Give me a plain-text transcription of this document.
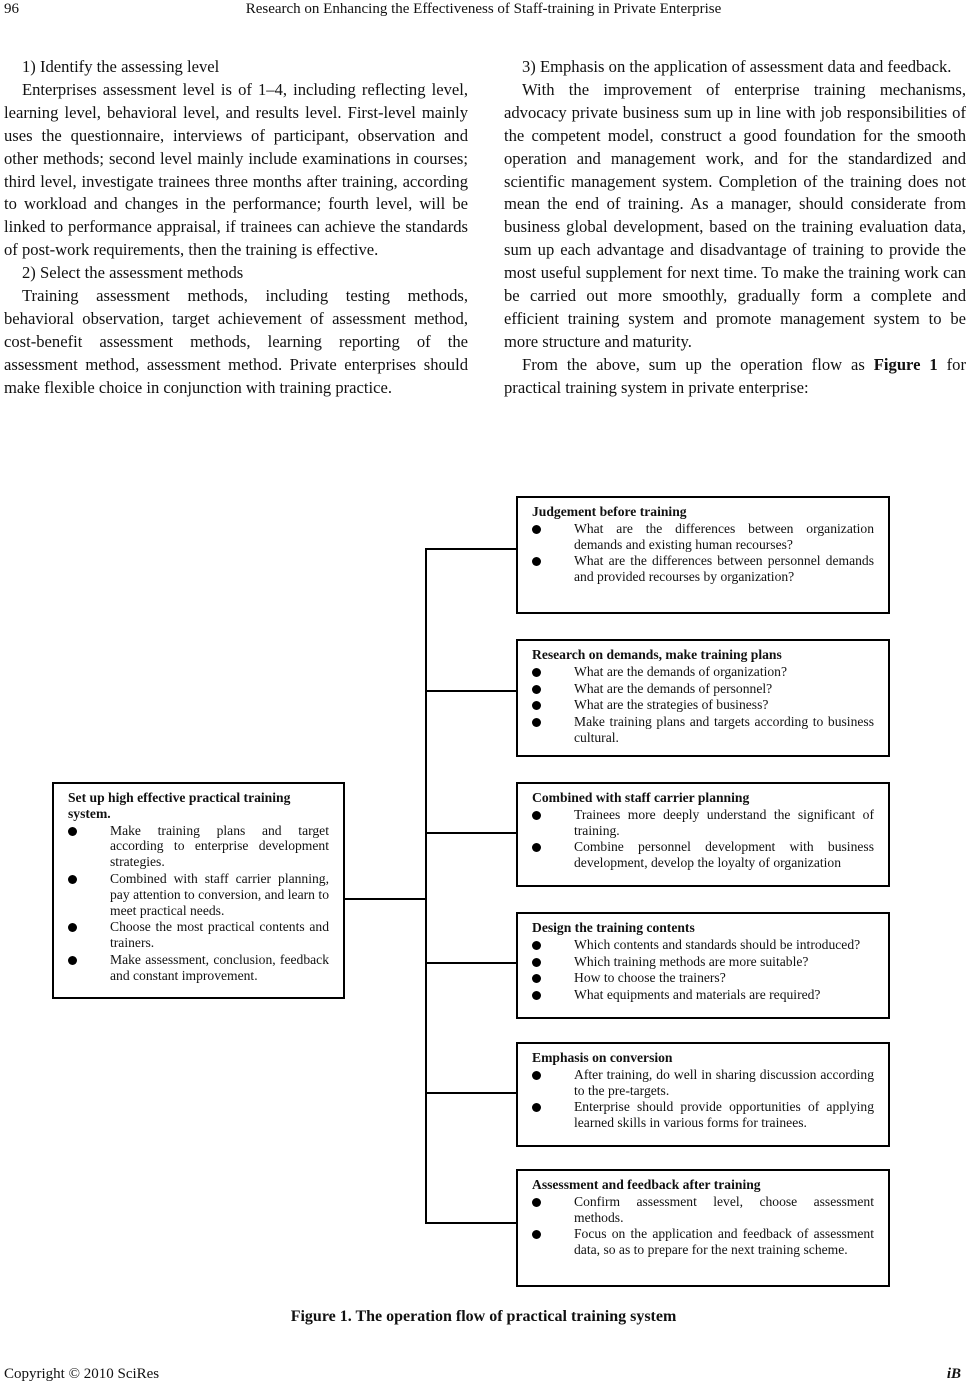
96	Research on Enhancing the Effectiveness of Staff-training in Private Enterprise

1) Identify the assessing level

Enterprises assessment level is of 1–4, including reflecting level, learning level, behavioral level, and results level. First-level mainly uses the questionnaire, interviews of participant, observation and other methods; second level mainly include examinations in courses; third level, investigate trainees three months after training, according to workload and changes in the performance; fourth level, will be linked to performance appraisal, if trainees can achieve the standards of post-work requirements, then the training is effective.

2) Select the assessment methods

Training assessment methods, including testing methods, behavioral observation, target achievement of assessment method, cost-benefit assessment methods, learning reporting of the assessment method, assessment method. Private enterprises should make flexible choice in conjunction with training practice.

3) Emphasis on the application of assessment data and feedback.

With the improvement of enterprise training mechanisms, advocacy private business sum up in line with job responsibilities of the competent model, construct a good foundation for the smooth operation and management work, and for the standardized and scientific management system. Completion of the training does not mean the end of training. As a manager, should considerate from business global development, based on the training evaluation data, sum up each advantage and disadvantage of training to provide the most useful supplement for next time. To make the training work can be carried out more smoothly, gradually form a complete and efficient training system and promote management system to be more structure and maturity.

From the above, sum up the operation flow as Figure 1 for practical training system in private enterprise:

Set up high effective practical training system.
Make training plans and target according to enterprise development strategies.
Combined with staff carrier planning, pay attention to conversion, and learn to meet practical needs.
Choose the most practical contents and trainers.
Make assessment, conclusion, feedback and constant improvement.
Judgement before training
What are the differences between organization demands and existing human recourses?
What are the differences between personnel demands and provided recourses by organization?
Research on demands, make training plans
What are the demands of organization?
What are the demands of personnel?
What are the strategies of business?
Make training plans and targets according to business cultural.
Combined with staff carrier planning
Trainees more deeply understand the significant of training.
Combine personnel development with business development, develop the loyalty of organization
Design the training contents
Which contents and standards should be introduced?
Which training methods are more suitable?
How to choose the trainers?
What equipments and materials are required?
Emphasis on conversion
After training, do well in sharing discussion according to the pre-targets.
Enterprise should provide opportunities of applying learned skills in various forms for trainees.
Assessment and feedback after training
Confirm assessment level, choose assessment methods.
Focus on the application and feedback of assessment data, so as to prepare for the next training scheme.
Figure 1. The operation flow of practical training system
Copyright © 2010 SciRes	iB
